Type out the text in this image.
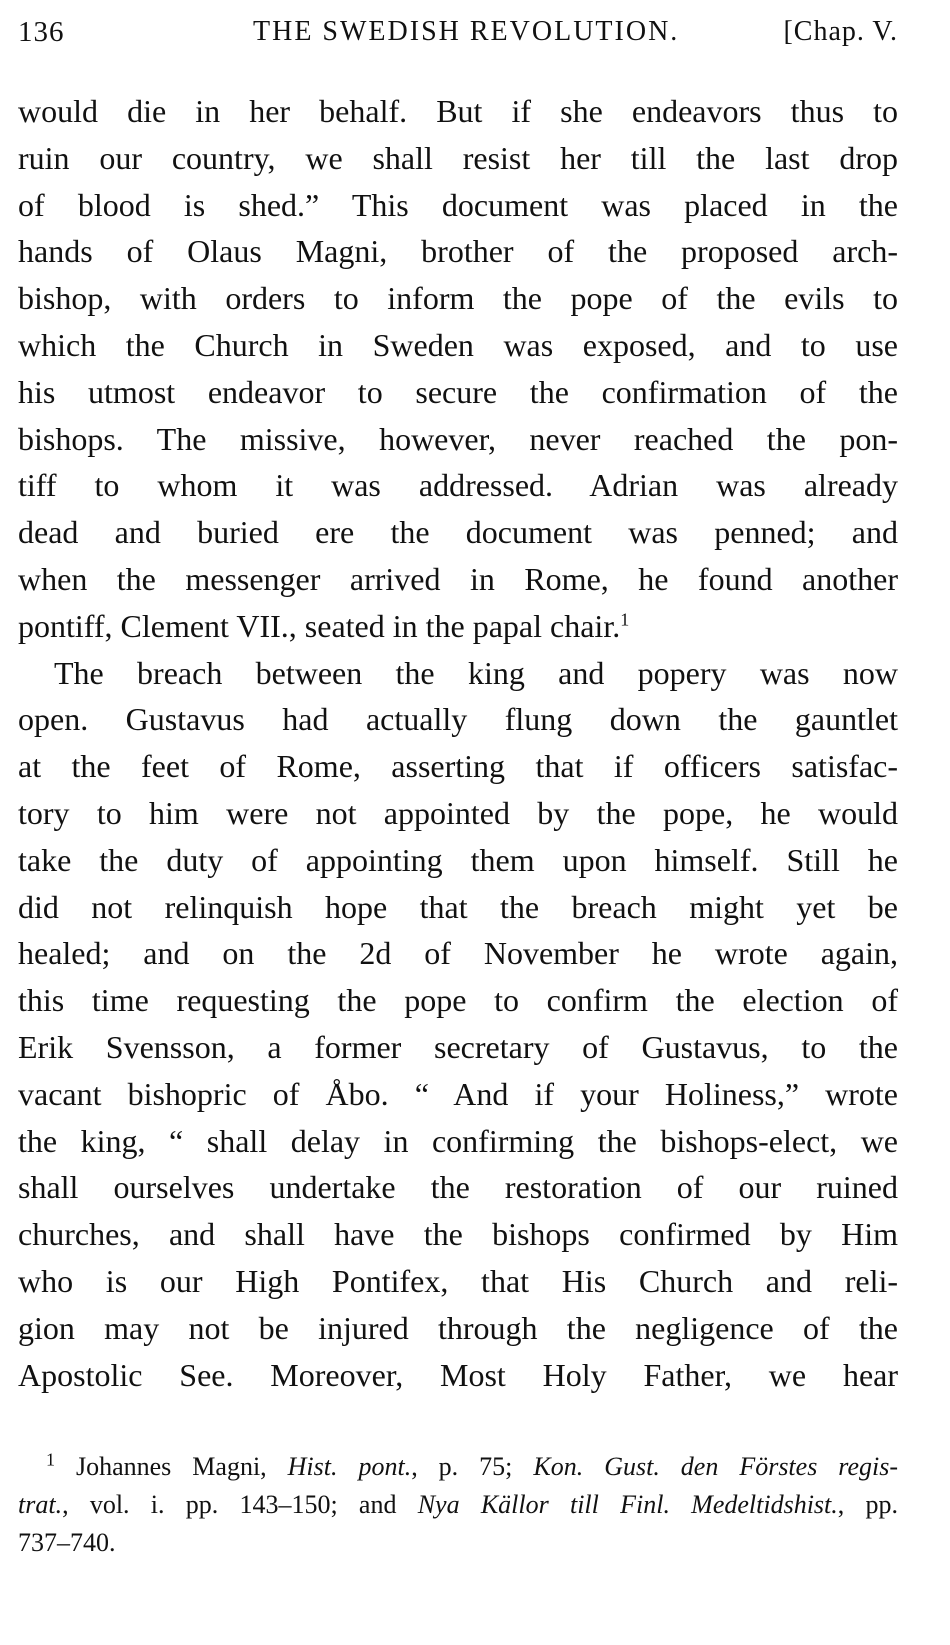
136	THE SWEDISH REVOLUTION.	[Chap. V.
would die in her behalf. But if she endeavors thus to
ruin our country, we shall resist her till the last drop
of blood is shed.” This document was placed in the
hands of Olaus Magni, brother of the proposed arch-
bishop, with orders to inform the pope of the evils to
which the Church in Sweden was exposed, and to use
his utmost endeavor to secure the confirmation of the
bishops. The missive, however, never reached the pon-
tiff to whom it was addressed. Adrian was already
dead and buried ere the document was penned; and
when the messenger arrived in Rome, he found another
pontiff, Clement VII., seated in the papal chair.$^1$
The breach between the king and popery was now
open. Gustavus had actually flung down the gauntlet
at the feet of Rome, asserting that if officers satisfac-
tory to him were not appointed by the pope, he would
take the duty of appointing them upon himself. Still he
did not relinquish hope that the breach might yet be
healed; and on the 2d of November he wrote again,
this time requesting the pope to confirm the election of
Erik Svensson, a former secretary of Gustavus, to the
vacant bishopric of Åbo. “ And if your Holiness,” wrote
the king, “ shall delay in confirming the bishops-elect, we
shall ourselves undertake the restoration of our ruined
churches, and shall have the bishops confirmed by Him
who is our High Pontifex, that His Church and reli-
gion may not be injured through the negligence of the
Apostolic See. Moreover, Most Holy Father, we hear
$^1$ Johannes Magni, Hist. pont., p. 75; Kon. Gust. den Förstes regis-
trat., vol. i. pp. 143–150; and Nya Källor till Finl. Medeltidshist., pp.
737–740.
